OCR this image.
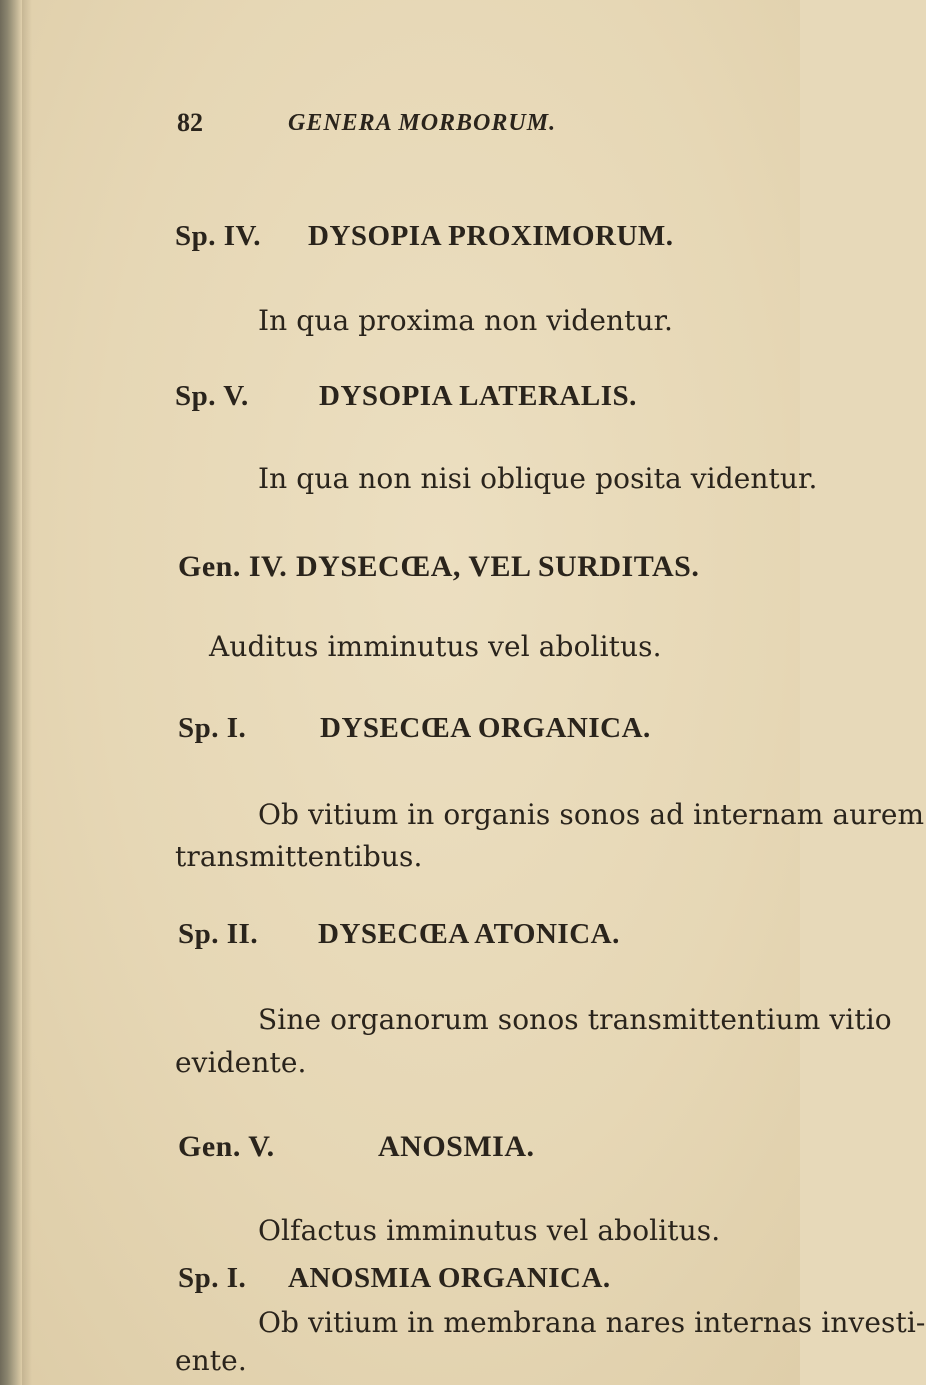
82	GENERA MORBORUM.
Sp. IV. DYSOPIA PROXIMORUM.
In qua proxima non videntur.
Sp. V. DYSOPIA LATERALIS.
In qua non nisi oblique posita videntur.
Gen. IV. DYSECŒA, VEL SURDITAS.
Auditus imminutus vel abolitus.
Sp. I.	DYSECŒA ORGANICA.
Ob vitium in organis sonos ad internam aurem
transmittentibus.
Sp. II. DYSECŒA ATONICA.
Sine organorum sonos transmittentium vitio
evidente.
Gen. V.	ANOSMIA.
Olfactus imminutus vel abolitus.
Sp. I. ANOSMIA ORGANICA.
Ob vitium in membrana nares internas investi-
ente.
